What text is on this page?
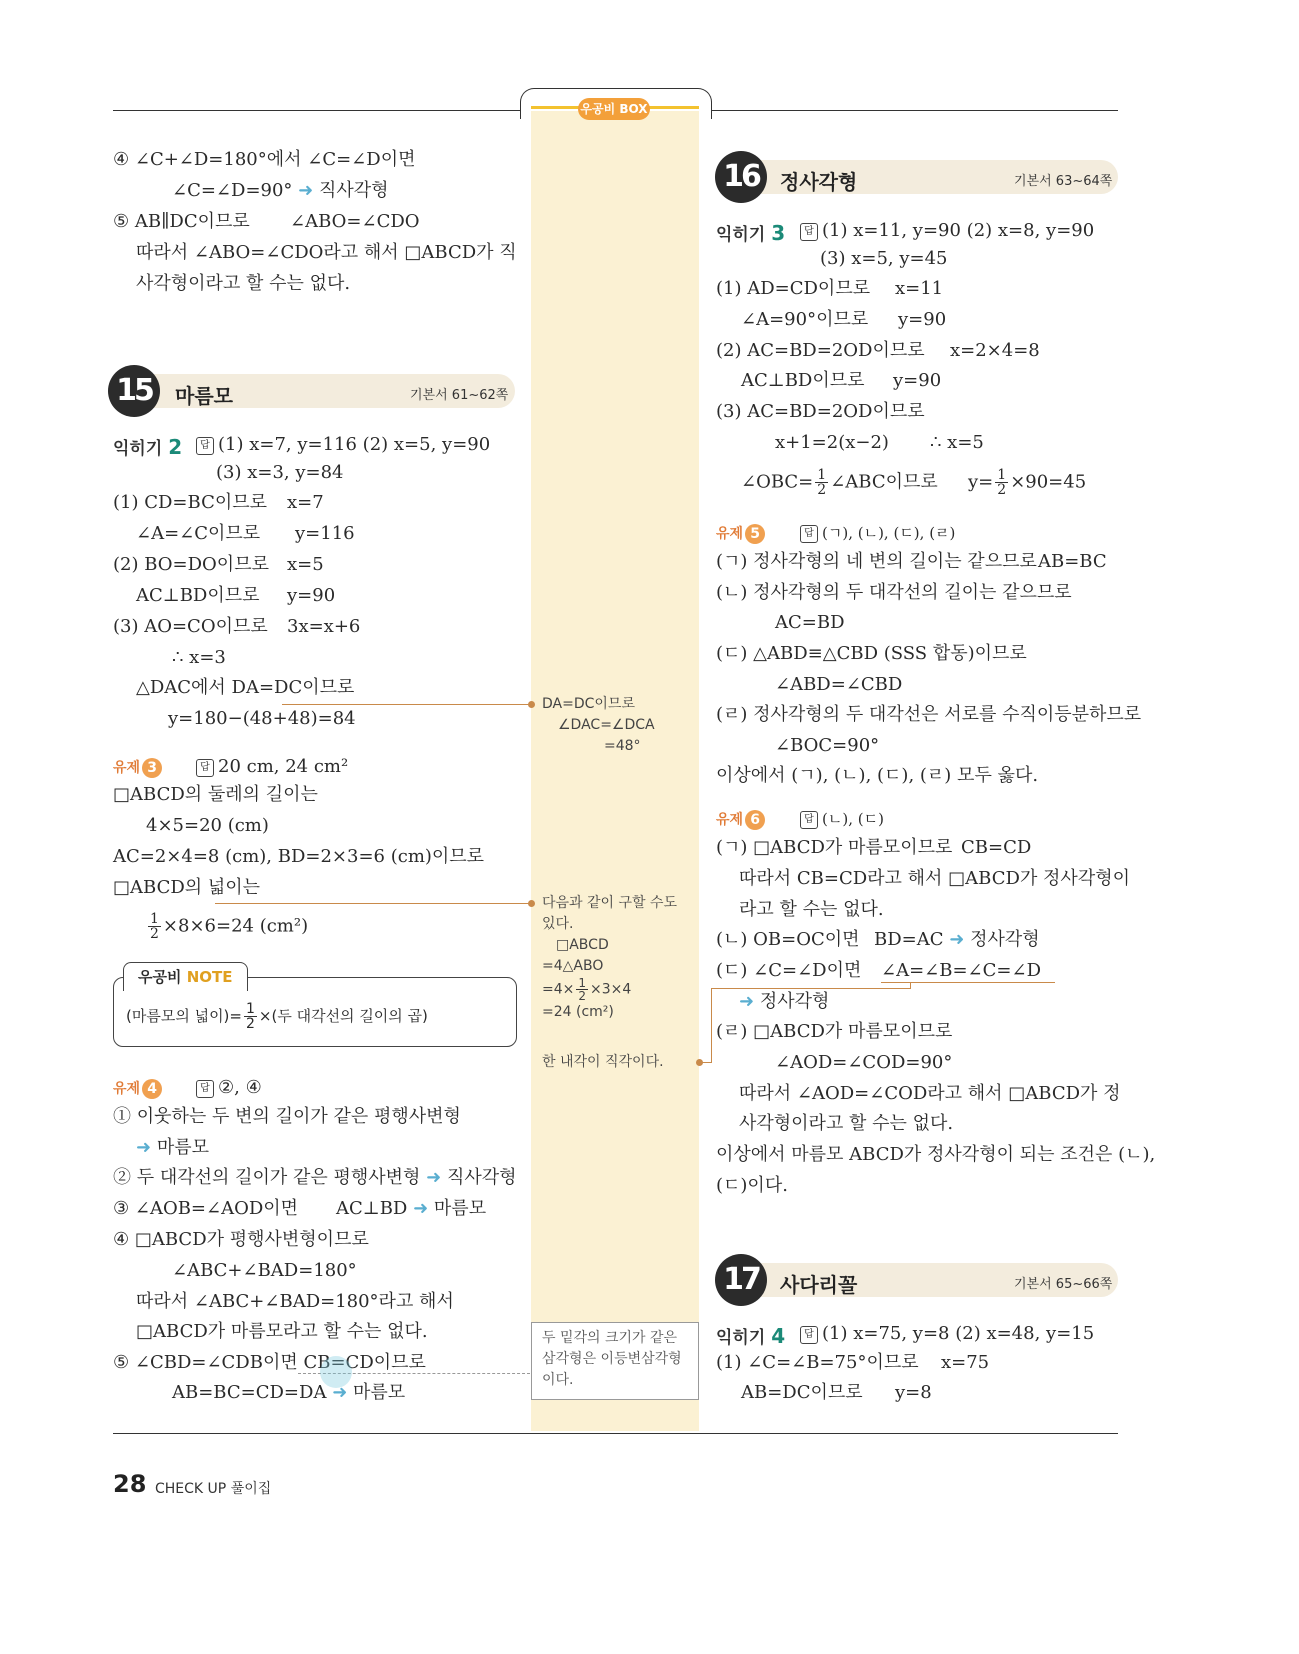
우공비 BOX
④ ∠C+∠D=180°에서 ∠C=∠D이면
∠C=∠D=90° ➜ 직사각형
⑤ AB∥DC이므로 ∠ABO=∠CDO
따라서 ∠ABO=∠CDO라고 해서 □ABCD가 직
사각형이라고 할 수는 없다.
15	마름모	기본서 61~62쪽
익히기 2	답 (1) x=7, y=116 (2) x=5, y=90
(3) x=3, y=84
(1) CD=BC이므로 x=7
∠A=∠C이므로 y=116
(2) BO=DO이므로 x=5
AC⊥BD이므로 y=90
(3) AO=CO이므로 3x=x+6
∴ x=3
△DAC에서 DA=DC이므로
y=180−(48+48)=84
유제 3	답 20 cm, 24 cm²
□ABCD의 둘레의 길이는
4×5=20 (cm)
AC=2×4=8 (cm), BD=2×3=6 (cm)이므로
□ABCD의 넓이는
$\frac{1}{2} \times 8\times 6=24$ (cm²)
우공비 NOTE
(마름모의 넓이)= $\frac{1}{2}$ ×(두 대각선의 길이의 곱)
유제 4	답 ②, ④
① 이웃하는 두 변의 길이가 같은 평행사변형
➜ 마름모
② 두 대각선의 길이가 같은 평행사변형 ➜ 직사각형
③ ∠AOB=∠AOD이면 AC⊥BD ➜ 마름모
④ □ABCD가 평행사변형이므로
∠ABC+∠BAD=180°
따라서 ∠ABC+∠BAD=180°라고 해서
□ABCD가 마름모라고 할 수는 없다.
⑤ ∠CBD=∠CDB이면 CB=CD이므로
AB=BC=CD=DA ➜ 마름모
DA=DC이므로
∠DAC=∠DCA
=48°
다음과 같이 구할 수도
있다.
□ABCD
=4△ABO
$=4\times \frac{1}{2} \times 3\times 4$
=24 (cm²)
한 내각이 직각이다.
두 밑각의 크기가 같은
삼각형은 이등변삼각형
이다.
16	정사각형	기본서 63~64쪽
익히기 3	답 (1) x=11, y=90 (2) x=8, y=90
(3) x=5, y=45
(1) AD=CD이므로 x=11
∠A=90°이므로 y=90
(2) AC=BD=2OD이므로 x=2×4=8
AC⊥BD이므로 y=90
(3) AC=BD=2OD이므로
x+1=2(x−2) ∴ x=5
∠OBC= $\frac{1}{2}$ ∠ABC이므로 $y= \frac{1}{2} \times 90=45$
유제 5	답 (ㄱ), (ㄴ), (ㄷ), (ㄹ)
(ㄱ) 정사각형의 네 변의 길이는 같으므로 AB=BC
(ㄴ) 정사각형의 두 대각선의 길이는 같으므로
AC=BD
(ㄷ) △ABD≡△CBD (SSS 합동)이므로
∠ABD=∠CBD
(ㄹ) 정사각형의 두 대각선은 서로를 수직이등분하므로
∠BOC=90°
이상에서 (ㄱ), (ㄴ), (ㄷ), (ㄹ) 모두 옳다.
유제 6	답 (ㄴ), (ㄷ)
(ㄱ) □ABCD가 마름모이므로 CB=CD
따라서 CB=CD라고 해서 □ABCD가 정사각형이
라고 할 수는 없다.
(ㄴ) OB=OC이면 BD=AC ➜ 정사각형
(ㄷ) ∠C=∠D이면 ∠A=∠B=∠C=∠D
➜ 정사각형
(ㄹ) □ABCD가 마름모이므로
∠AOD=∠COD=90°
따라서 ∠AOD=∠COD라고 해서 □ABCD가 정
사각형이라고 할 수는 없다.
이상에서 마름모 ABCD가 정사각형이 되는 조건은 (ㄴ),
(ㄷ)이다.
17	사다리꼴	기본서 65~66쪽
익히기 4	답 (1) x=75, y=8 (2) x=48, y=15
(1) ∠C=∠B=75°이므로 x=75
AB=DC이므로 y=8
28 CHECK UP 풀이집
